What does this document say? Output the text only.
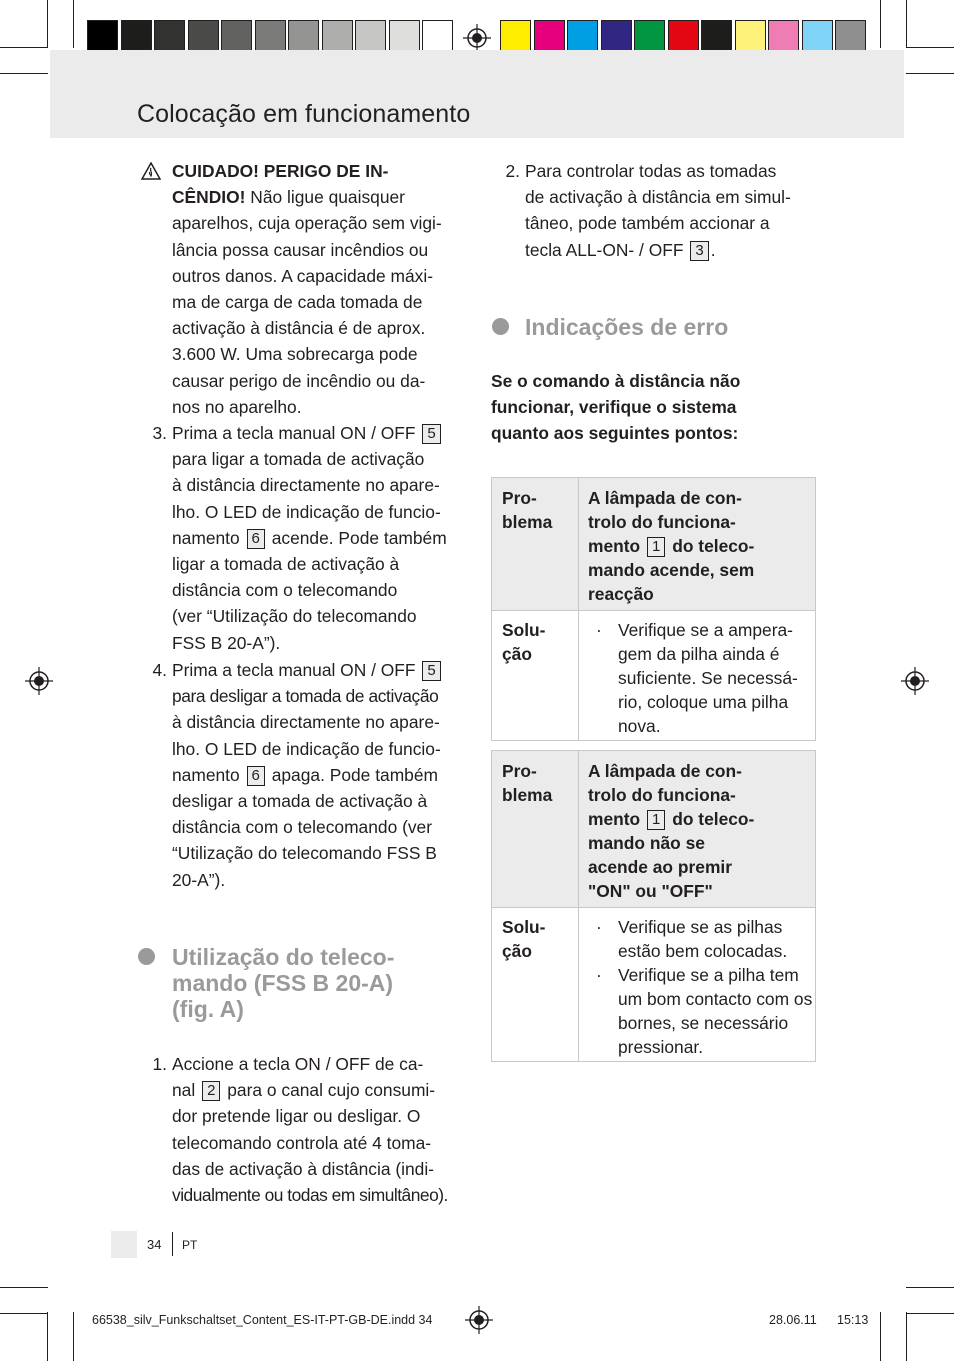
Colocação em funcionamento
CUIDADO! PERIGO DE IN-
CÊNDIO! Não ligue quaisquer
aparelhos, cuja operação sem vigi-
lância possa causar incêndios ou
outros danos. A capacidade máxi-
ma de carga de cada tomada de
activação à distância é de aprox.
3.600 W. Uma sobrecarga pode
causar perigo de incêndio ou da-
nos no aparelho.
3. Prima a tecla manual ON / OFF 5
para ligar a tomada de activação
à distância directamente no apare-
lho. O LED de indicação de funcio-
namento 6 acende. Pode também
ligar a tomada de activação à
distância com o telecomando
(ver “Utilização do telecomando
FSS B 20-A”).
4. Prima a tecla manual ON / OFF 5
para desligar a tomada de activação
à distância directamente no apare-
lho. O LED de indicação de funcio-
namento 6 apaga. Pode também
desligar a tomada de activação à
distância com o telecomando (ver
“Utilização do telecomando FSS B
20-A”).
Utilização do teleco-
mando (FSS B 20-A)
(fig. A)
1. Accione a tecla ON / OFF de ca-
nal 2 para o canal cujo consumi-
dor pretende ligar ou desligar. O
telecomando controla até 4 toma-
das de activação à distância (indi-
vidualmente ou todas em simultâneo).
2. Para controlar todas as tomadas
de activação à distância em simul-
tâneo, pode também accionar a
tecla ALL-ON- / OFF 3 .
Indicações de erro
Se o comando à distância não
funcionar, verifique o sistema
quanto aos seguintes pontos:
Pro-
blema
A lâmpada de con-
trolo do funciona-
mento 1 do teleco-
mando acende, sem
reacção
Solu-
ção
· Verifique se a ampera-
gem da pilha ainda é
suficiente. Se necessá-
rio, coloque uma pilha
nova.
Pro-
blema
A lâmpada de con-
trolo do funciona-
mento 1 do teleco-
mando não se
acende ao premir
"ON" ou "OFF"
Solu-
ção
· Verifique se as pilhas
estão bem colocadas.
· Verifique se a pilha tem
um bom contacto com os
bornes, se necessário
pressionar.
34 PT
66538_silv_Funkschaltset_Content_ES-IT-PT-GB-DE.indd 34	28.06.11 15:13
